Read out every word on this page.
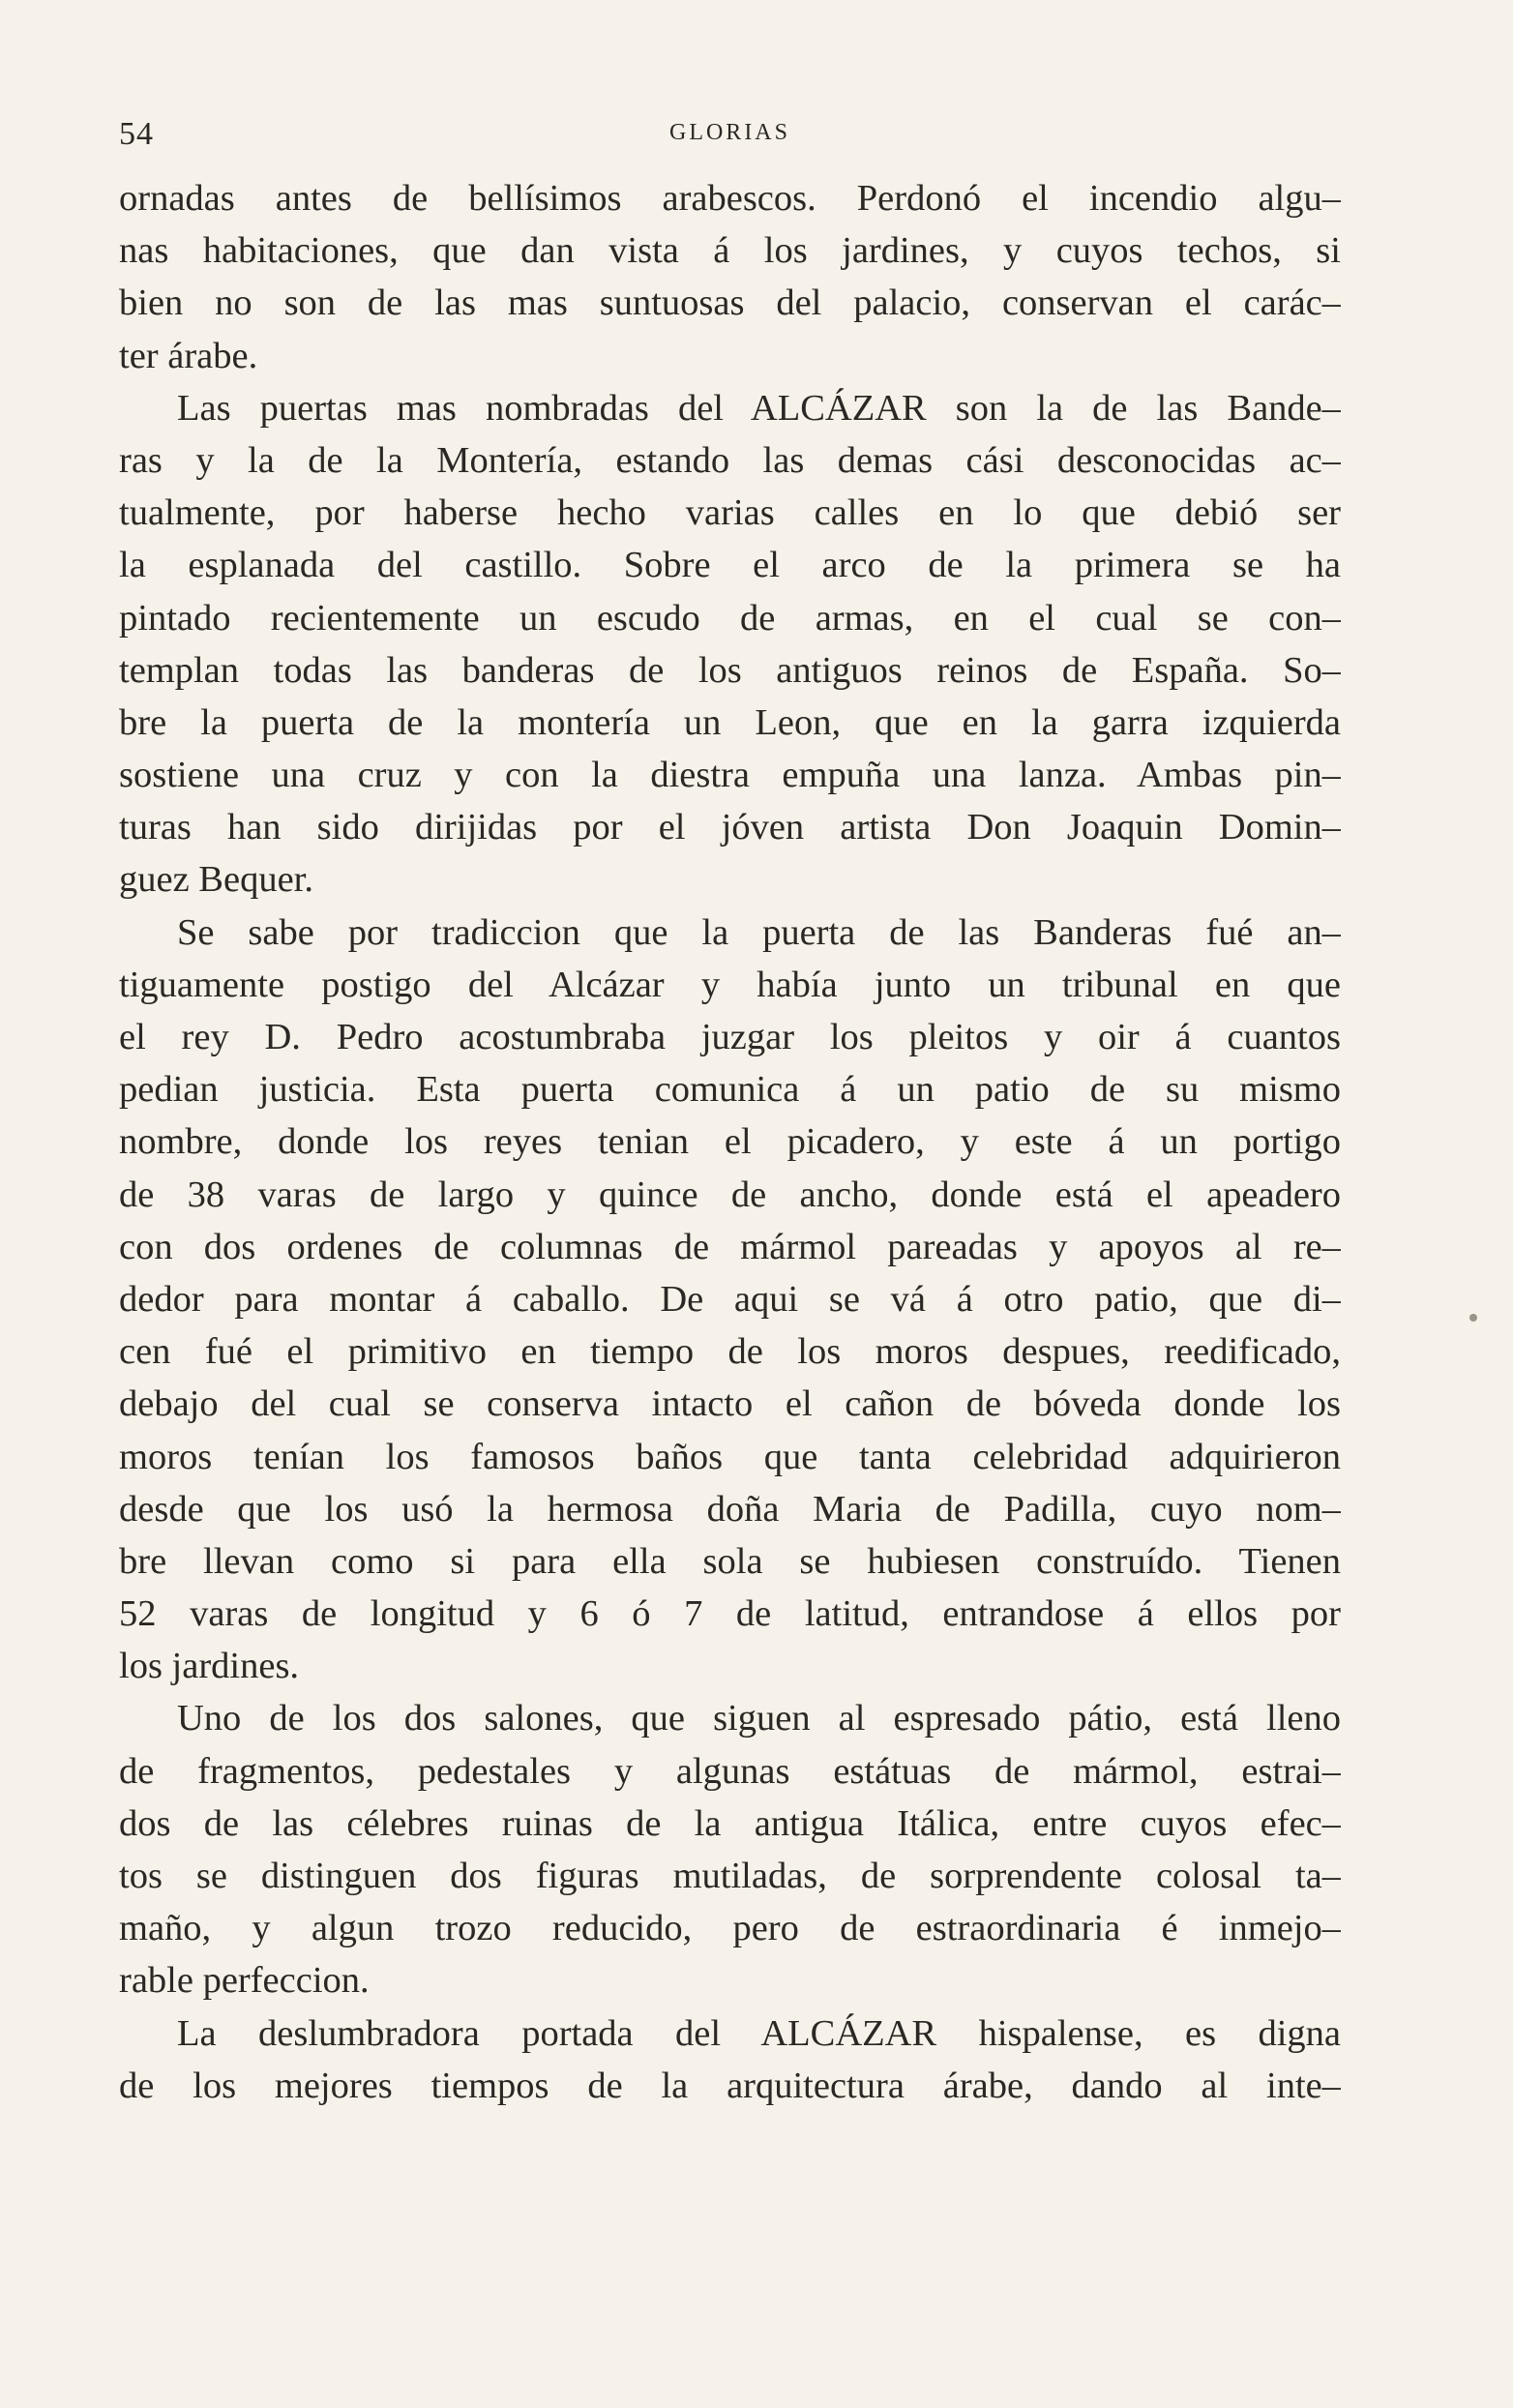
54	GLORIAS
ornadas antes de bellísimos arabescos. Perdonó el incendio algu–
nas habitaciones, que dan vista á los jardines, y cuyos techos, si
bien no son de las mas suntuosas del palacio, conservan el carác–
ter árabe.
Las puertas mas nombradas del ALCÁZAR son la de las Bande–
ras y la de la Montería, estando las demas cási desconocidas ac–
tualmente, por haberse hecho varias calles en lo que debió ser
la esplanada del castillo. Sobre el arco de la primera se ha
pintado recientemente un escudo de armas, en el cual se con–
templan todas las banderas de los antiguos reinos de España. So–
bre la puerta de la montería un Leon, que en la garra izquierda
sostiene una cruz y con la diestra empuña una lanza. Ambas pin–
turas han sido dirijidas por el jóven artista Don Joaquin Domin–
guez Bequer.
Se sabe por tradiccion que la puerta de las Banderas fué an–
tiguamente postigo del Alcázar y había junto un tribunal en que
el rey D. Pedro acostumbraba juzgar los pleitos y oir á cuantos
pedian justicia. Esta puerta comunica á un patio de su mismo
nombre, donde los reyes tenian el picadero, y este á un portigo
de 38 varas de largo y quince de ancho, donde está el apeadero
con dos ordenes de columnas de mármol pareadas y apoyos al re–
dedor para montar á caballo. De aqui se vá á otro patio, que di–
cen fué el primitivo en tiempo de los moros despues, reedificado,
debajo del cual se conserva intacto el cañon de bóveda donde los
moros tenían los famosos baños que tanta celebridad adquirieron
desde que los usó la hermosa doña Maria de Padilla, cuyo nom–
bre llevan como si para ella sola se hubiesen construído. Tienen
52 varas de longitud y 6 ó 7 de latitud, entrandose á ellos por
los jardines.
Uno de los dos salones, que siguen al espresado pátio, está lleno
de fragmentos, pedestales y algunas estátuas de mármol, estrai–
dos de las célebres ruinas de la antigua Itálica, entre cuyos efec–
tos se distinguen dos figuras mutiladas, de sorprendente colosal ta–
maño, y algun trozo reducido, pero de estraordinaria é inmejo–
rable perfeccion.
La deslumbradora portada del ALCÁZAR hispalense, es digna
de los mejores tiempos de la arquitectura árabe, dando al inte–
